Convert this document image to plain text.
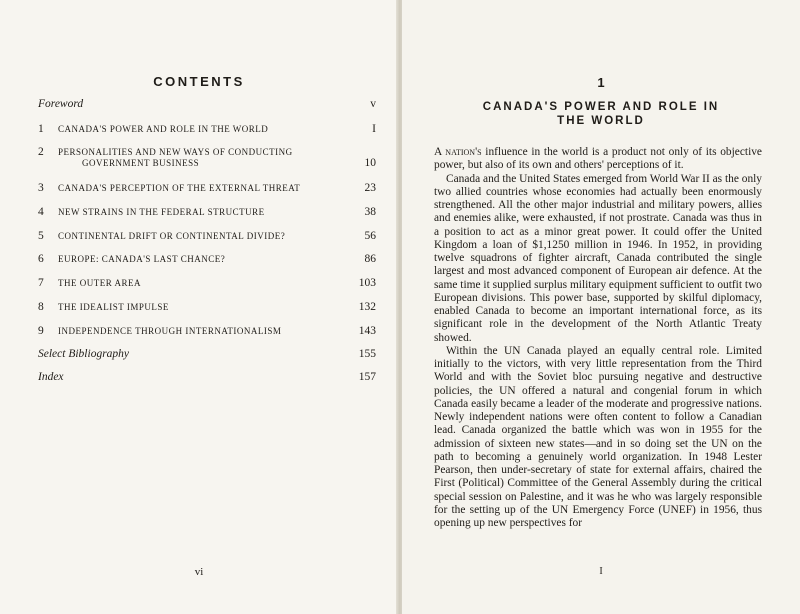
CONTENTS
Foreword	v
1 CANADA'S POWER AND ROLE IN THE WORLD	I
2 PERSONALITIES AND NEW WAYS OF CONDUCTING
GOVERNMENT BUSINESS	10
3 CANADA'S PERCEPTION OF THE EXTERNAL THREAT	23
4 NEW STRAINS IN THE FEDERAL STRUCTURE	38
5 CONTINENTAL DRIFT OR CONTINENTAL DIVIDE?	56
6 EUROPE: CANADA'S LAST CHANCE?	86
7 THE OUTER AREA	103
8 THE IDEALIST IMPULSE	132
9 INDEPENDENCE THROUGH INTERNATIONALISM	143
Select Bibliography	155
Index	157
vi
1
CANADA'S POWER AND ROLE IN
THE WORLD

A nation's influence in the world is a product not only of its objective power, but also of its own and others' perceptions of it.

Canada and the United States emerged from World War II as the only two allied countries whose economies had actually been enormously strengthened. All the other major industrial and military powers, allies and enemies alike, were exhausted, if not prostrate. Canada was thus in a position to act as a minor great power. It could offer the United Kingdom a loan of $1,1250 million in 1946. In 1952, in providing twelve squadrons of fighter aircraft, Canada contributed the single largest and most advanced component of European air defence. At the same time it supplied surplus military equipment sufficient to outfit two European divisions. This power base, supported by skilful diplomacy, enabled Canada to become an important international force, as its significant role in the development of the North Atlantic Treaty showed.

Within the UN Canada played an equally central role. Limited initially to the victors, with very little representation from the Third World and with the Soviet bloc pursuing negative and destructive policies, the UN offered a natural and congenial forum in which Canada easily became a leader of the moderate and progressive nations. Newly independent nations were often content to follow a Canadian lead. Canada organized the battle which was won in 1955 for the admission of sixteen new states—and in so doing set the UN on the path to becoming a genuinely world organization. In 1948 Lester Pearson, then under-secretary of state for external affairs, chaired the First (Political) Committee of the General Assembly during the critical special session on Palestine, and it was he who was largely responsible for the setting up of the UN Emergency Force (UNEF) in 1956, thus opening up new perspectives for

I
